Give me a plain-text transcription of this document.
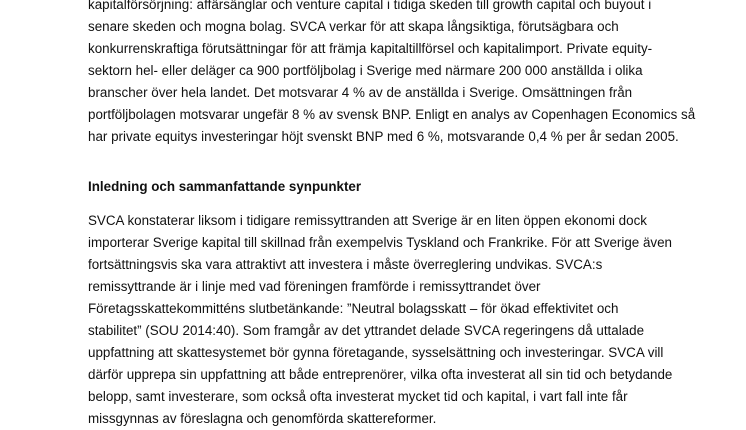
kapitalförsörjning: affärsänglar och venture capital i tidiga skeden till growth capital och buyout i
senare skeden och mogna bolag. SVCA verkar för att skapa långsiktiga, förutsägbara och
konkurrenskraftiga förutsättningar för att främja kapitaltillförsel och kapitalimport. Private equity-
sektorn hel- eller deläger ca 900 portföljbolag i Sverige med närmare 200 000 anställda i olika
branscher över hela landet. Det motsvarar 4 % av de anställda i Sverige. Omsättningen från
portföljbolagen motsvarar ungefär 8 % av svensk BNP. Enligt en analys av Copenhagen Economics så
har private equitys investeringar höjt svenskt BNP med 6 %, motsvarande 0,4 % per år sedan 2005.

Inledning och sammanfattande synpunkter

SVCA konstaterar liksom i tidigare remissyttranden att Sverige är en liten öppen ekonomi dock
importerar Sverige kapital till skillnad från exempelvis Tyskland och Frankrike. För att Sverige även
fortsättningsvis ska vara attraktivt att investera i måste överreglering undvikas. SVCA:s
remissyttrande är i linje med vad föreningen framförde i remissyttrandet över
Företagsskattekommitténs slutbetänkande: ”Neutral bolagsskatt – för ökad effektivitet och
stabilitet” (SOU 2014:40). Som framgår av det yttrandet delade SVCA regeringens då uttalade
uppfattning att skattesystemet bör gynna företagande, sysselsättning och investeringar. SVCA vill
därför upprepa sin uppfattning att både entreprenörer, vilka ofta investerat all sin tid och betydande
belopp, samt investerare, som också ofta investerat mycket tid och kapital, i vart fall inte får
missgynnas av föreslagna och genomförda skattereformer.
